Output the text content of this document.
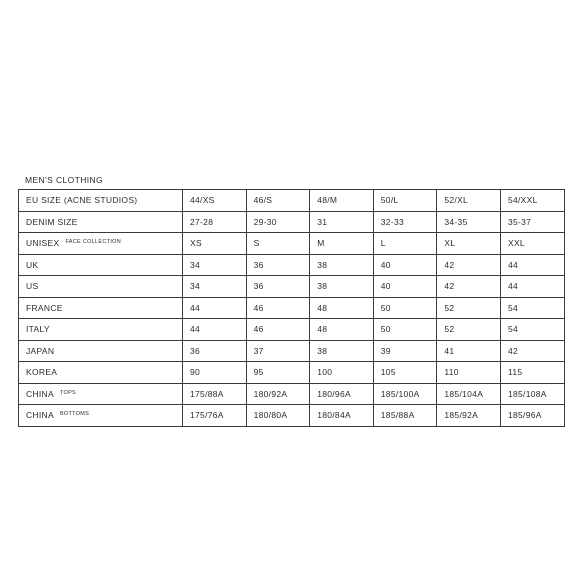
MEN'S CLOTHING
EU SIZE (ACNE STUDIOS)	44/XS	46/S	48/M	50/L	52/XL	54/XXL
DENIM SIZE	27-28	29-30	31	32-33	34-35	35-37
UNISEX $^{FACE COLLECTION}$	XS	S	M	L	XL	XXL
UK	34	36	38	40	42	44
US	34	36	38	40	42	44
FRANCE	44	46	48	50	52	54
ITALY	44	46	48	50	52	54
JAPAN	36	37	38	39	41	42
KOREA	90	95	100	105	110	115
CHINA $^{TOPS}$	175/88A	180/92A	180/96A	185/100A	185/104A	185/108A
CHINA $^{BOTTOMS}$	175/76A	180/80A	180/84A	185/88A	185/92A	185/96A
